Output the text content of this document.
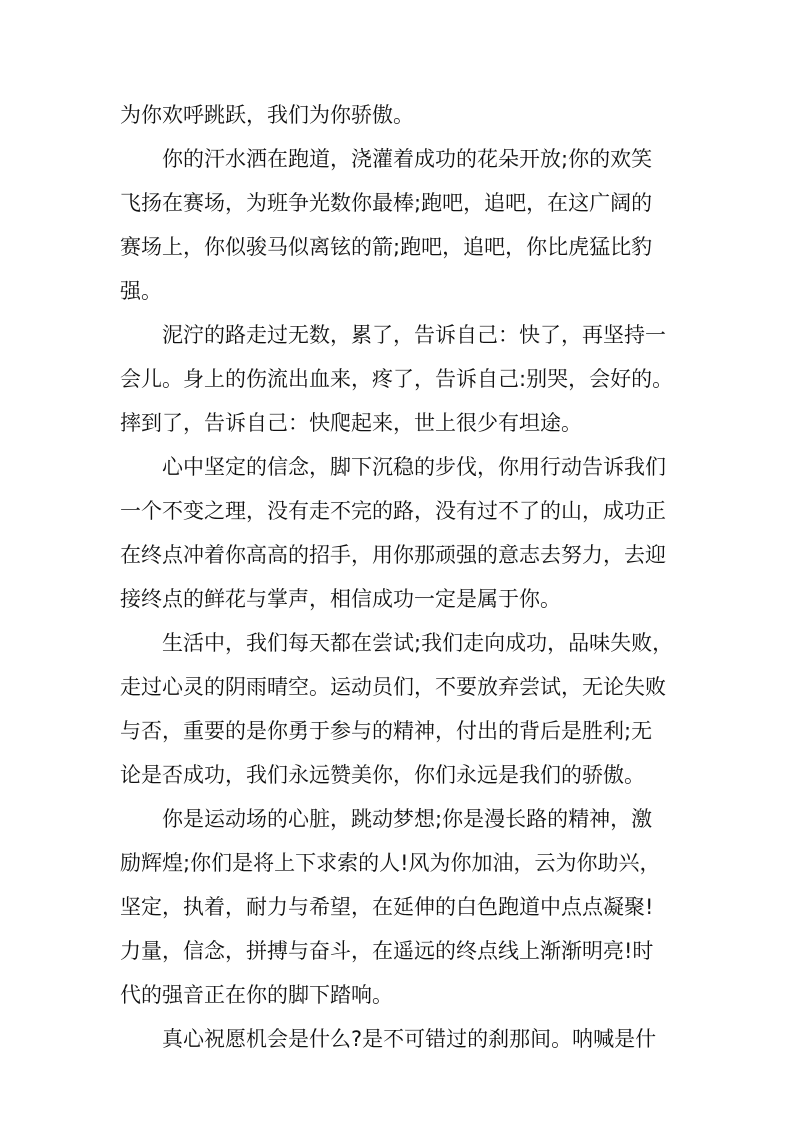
为你欢呼跳跃，我们为你骄傲。
你的汗水洒在跑道，浇灌着成功的花朵开放;你的欢笑
飞扬在赛场，为班争光数你最棒;跑吧，追吧，在这广阔的
赛场上，你似骏马似离铉的箭;跑吧，追吧，你比虎猛比豹
强。
泥泞的路走过无数，累了，告诉自己：快了，再坚持一
会儿。身上的伤流出血来，疼了，告诉自己:别哭，会好的。
摔到了，告诉自己：快爬起来，世上很少有坦途。
心中坚定的信念，脚下沉稳的步伐，你用行动告诉我们
一个不变之理，没有走不完的路，没有过不了的山，成功正
在终点冲着你高高的招手，用你那顽强的意志去努力，去迎
接终点的鲜花与掌声，相信成功一定是属于你。
生活中，我们每天都在尝试;我们走向成功，品味失败，
走过心灵的阴雨晴空。运动员们，不要放弃尝试，无论失败
与否，重要的是你勇于参与的精神，付出的背后是胜利;无
论是否成功，我们永远赞美你，你们永远是我们的骄傲。
你是运动场的心脏，跳动梦想;你是漫长路的精神，激
励辉煌;你们是将上下求索的人!风为你加油，云为你助兴，
坚定，执着，耐力与希望，在延伸的白色跑道中点点凝聚!
力量，信念，拼搏与奋斗，在遥远的终点线上渐渐明亮!时
代的强音正在你的脚下踏响。
真心祝愿机会是什么?是不可错过的刹那间。呐喊是什
